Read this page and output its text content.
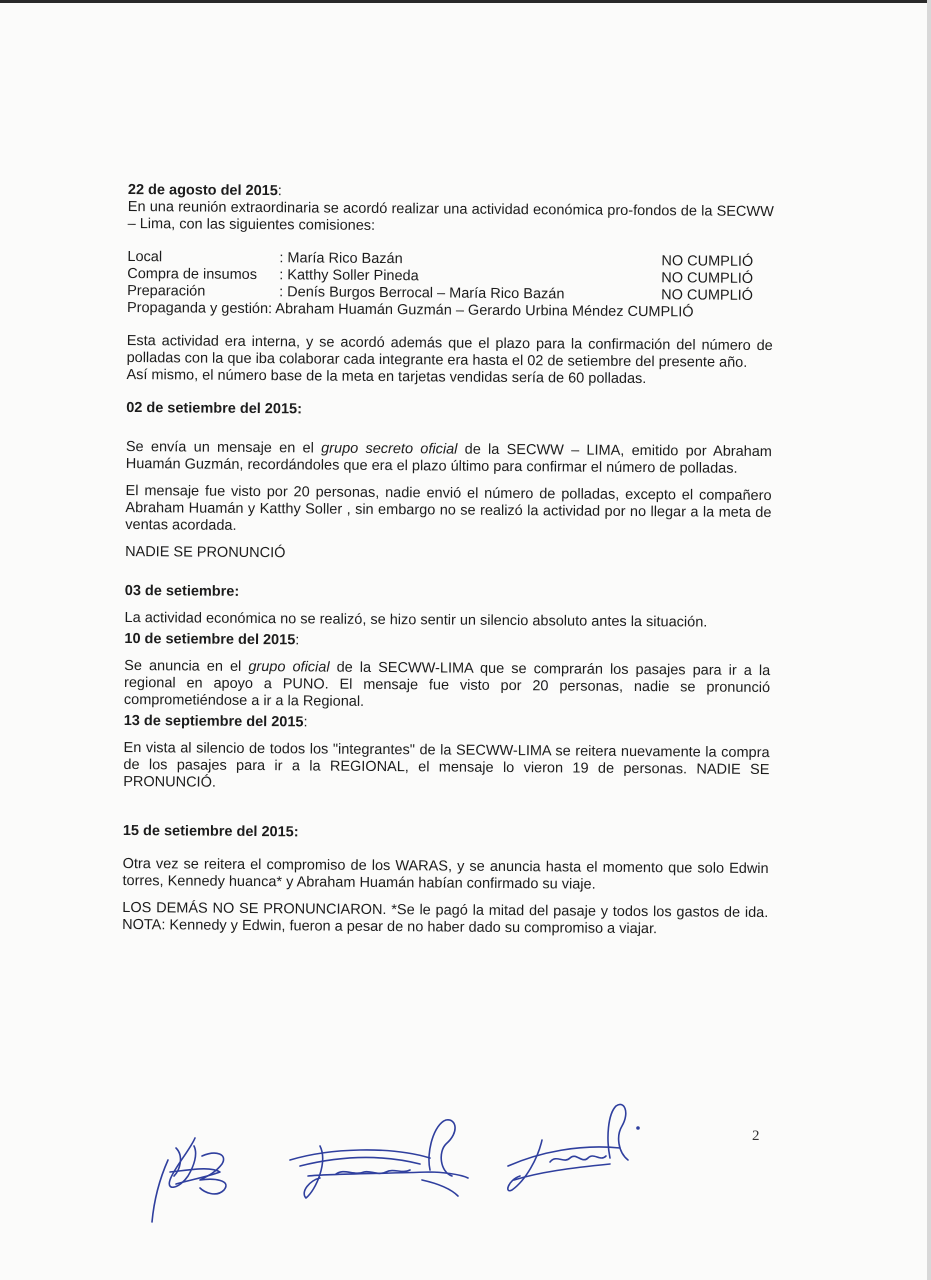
22 de agosto del 2015:

En una reunión extraordinaria se acordó realizar una actividad económica pro-fondos de la SECWW – Lima, con las siguientes comisiones:

Local	: María Rico Bazán	NO CUMPLIÓ
Compra de insumos	: Katthy Soller Pineda	NO CUMPLIÓ
Preparación	: Denís Burgos Berrocal – María Rico Bazán	NO CUMPLIÓ
Propaganda y gestión : Abraham Huamán Guzmán – Gerardo Urbina Méndez CUMPLIÓ

Esta actividad era interna, y se acordó además que el plazo para la confirmación del número de polladas con la que iba colaborar cada integrante era hasta el 02 de setiembre del presente año.

Así mismo, el número base de la meta en tarjetas vendidas sería de 60 polladas.

02 de setiembre del 2015:

Se envía un mensaje en el grupo secreto oficial de la SECWW – LIMA, emitido por Abraham Huamán Guzmán, recordándoles que era el plazo último para confirmar el número de polladas.

El mensaje fue visto por 20 personas, nadie envió el número de polladas, excepto el compañero Abraham Huamán y Katthy Soller , sin embargo no se realizó la actividad por no llegar a la meta de ventas acordada.

NADIE SE PRONUNCIÓ

03 de setiembre:

La actividad económica no se realizó, se hizo sentir un silencio absoluto antes la situación.

10 de setiembre del 2015:

Se anuncia en el grupo oficial de la SECWW-LIMA que se comprarán los pasajes para ir a la regional en apoyo a PUNO. El mensaje fue visto por 20 personas, nadie se pronunció comprometiéndose a ir a la Regional.

13 de septiembre del 2015:

En vista al silencio de todos los "integrantes" de la SECWW-LIMA se reitera nuevamente la compra de los pasajes para ir a la REGIONAL, el mensaje lo vieron 19 de personas. NADIE SE PRONUNCIÓ.

15 de setiembre del 2015:

Otra vez se reitera el compromiso de los WARAS, y se anuncia hasta el momento que solo Edwin torres, Kennedy huanca* y Abraham Huamán habían confirmado su viaje.

LOS DEMÁS NO SE PRONUNCIARON. *Se le pagó la mitad del pasaje y todos los gastos de ida. NOTA: Kennedy y Edwin, fueron a pesar de no haber dado su compromiso a viajar.

2
